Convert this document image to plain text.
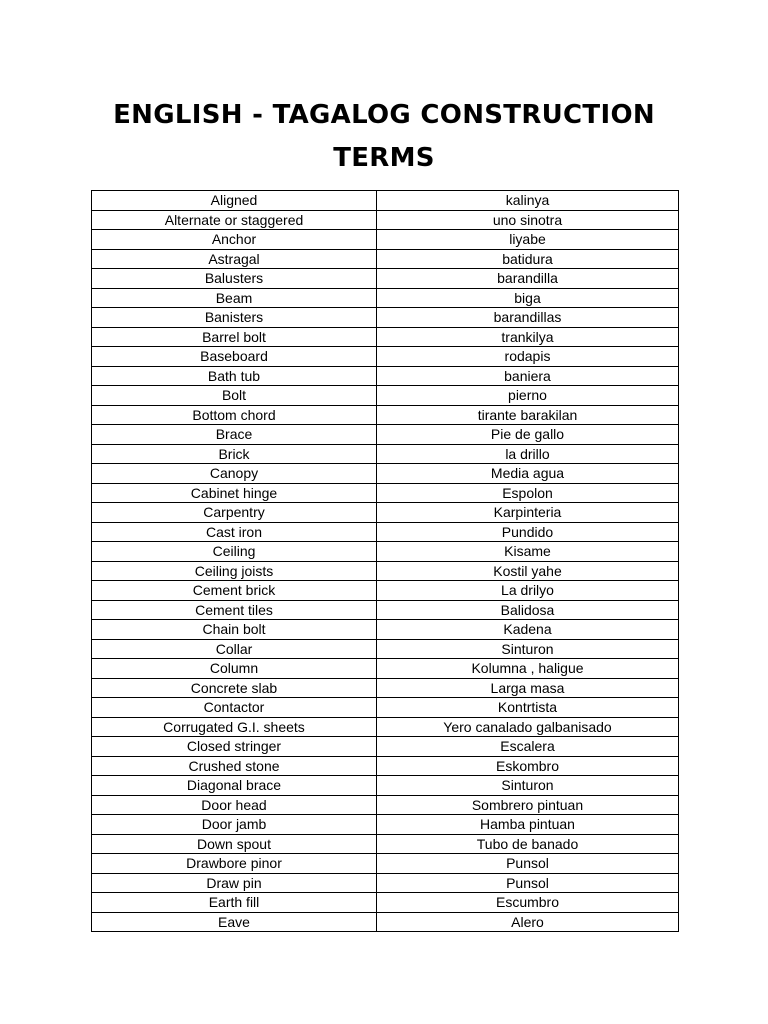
ENGLISH - TAGALOG CONSTRUCTION
TERMS
Aligned	kalinya
Alternate or staggered	uno sinotra
Anchor	liyabe
Astragal	batidura
Balusters	barandilla
Beam	biga
Banisters	barandillas
Barrel bolt	trankilya
Baseboard	rodapis
Bath tub	baniera
Bolt	pierno
Bottom chord	tirante barakilan
Brace	Pie de gallo
Brick	la drillo
Canopy	Media agua
Cabinet hinge	Espolon
Carpentry	Karpinteria
Cast iron	Pundido
Ceiling	Kisame
Ceiling joists	Kostil yahe
Cement brick	La drilyo
Cement tiles	Balidosa
Chain bolt	Kadena
Collar	Sinturon
Column	Kolumna , haligue
Concrete slab	Larga masa
Contactor	Kontrtista
Corrugated G.I. sheets	Yero canalado galbanisado
Closed stringer	Escalera
Crushed stone	Eskombro
Diagonal brace	Sinturon
Door head	Sombrero pintuan
Door jamb	Hamba pintuan
Down spout	Tubo de banado
Drawbore pinor	Punsol
Draw pin	Punsol
Earth fill	Escumbro
Eave	Alero
